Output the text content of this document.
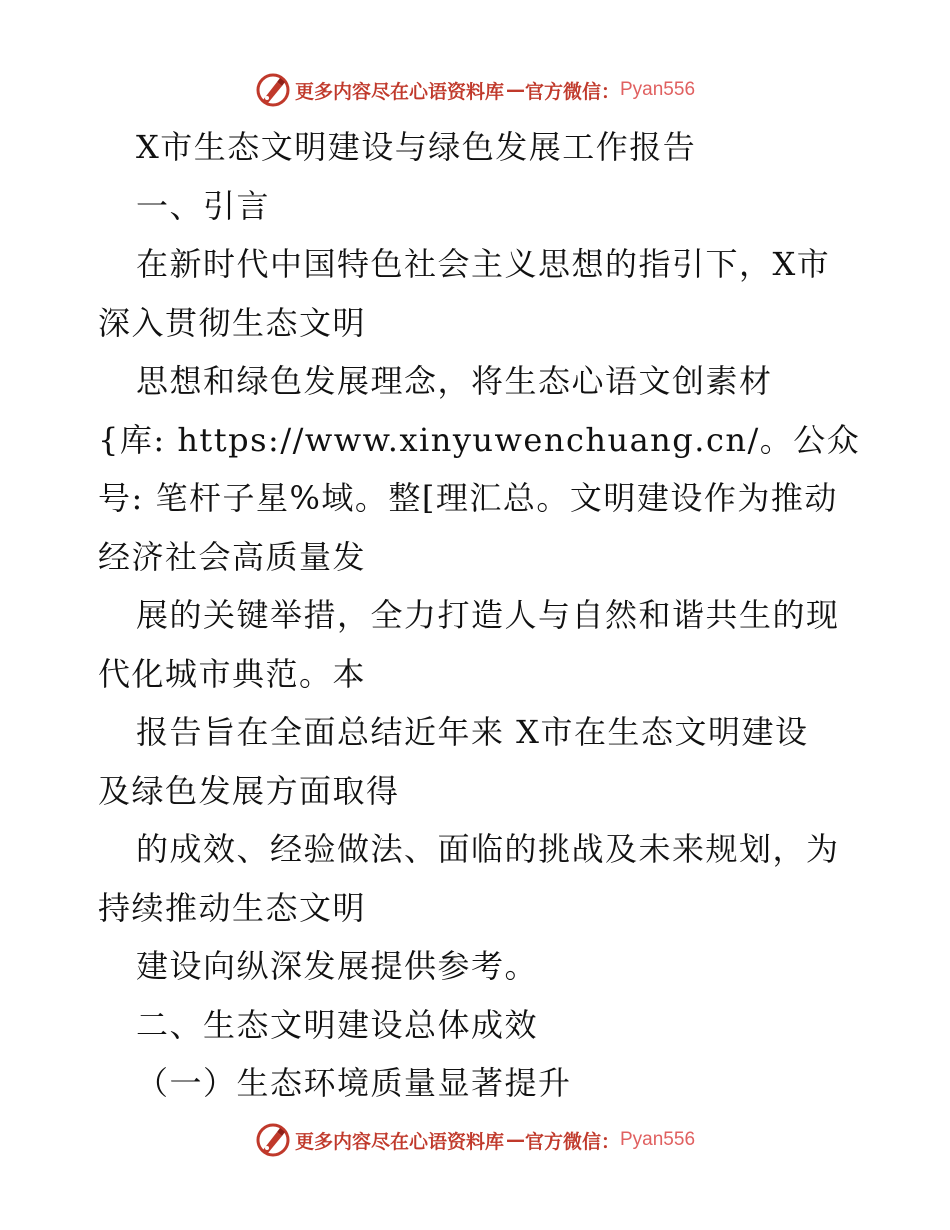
更多内容尽在心语资料库 — 官方微信： Pyan556
X市生态文明建设与绿色发展工作报告
一、引言
在新时代中国特色社会主义思想的指引下，X市
深入贯彻生态文明
思想和绿色发展理念，将生态心语文创素材
{库: https://www.xinyuwenchuang.cn/。公众
号: 笔杆子星%域。整[理汇总。文明建设作为推动
经济社会高质量发
展的关键举措，全力打造人与自然和谐共生的现
代化城市典范。本
报告旨在全面总结近年来 X市在生态文明建设
及绿色发展方面取得
的成效、经验做法、面临的挑战及未来规划，为
持续推动生态文明
建设向纵深发展提供参考。
二、生态文明建设总体成效
（一）生态环境质量显著提升
更多内容尽在心语资料库 — 官方微信： Pyan556
